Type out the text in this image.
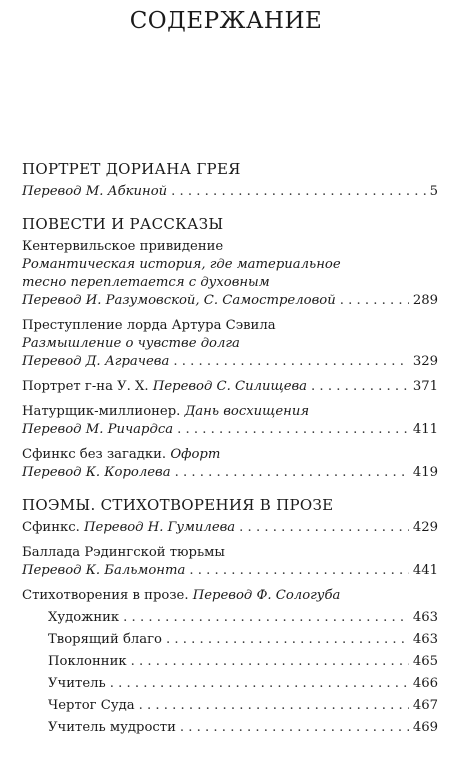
СОДЕРЖАНИЕ
ПОРТРЕТ ДОРИАНА ГРЕЯ
Перевод М. Абкиной . . .	5
ПОВЕСТИ И РАССКАЗЫ
Кентервильское привидение
Романтическая история, где материальное
тесно переплетается с духовным
Перевод И. Разумовской, С. Самостреловой . . .	289
Преступление лорда Артура Сэвила
Размышление о чувстве долга
Перевод Д. Аграчева . . .	329
Портрет г-на У. Х. Перевод С. Силищева . . .	371
Натурщик-миллионер. Дань восхищения
Перевод М. Ричардса . . .	411
Сфинкс без загадки. Офорт
Перевод К. Королева . . .	419
ПОЭМЫ. СТИХОТВОРЕНИЯ В ПРОЗЕ
Сфинкс. Перевод Н. Гумилева . . .	429
Баллада Рэдингской тюрьмы
Перевод К. Бальмонта . . .	441
Стихотворения в прозе. Перевод Ф. Сологуба
Художник . . .	463
Творящий благо . . .	463
Поклонник . . .	465
Учитель . . .	466
Чертог Суда . . .	467
Учитель мудрости . . .	469
